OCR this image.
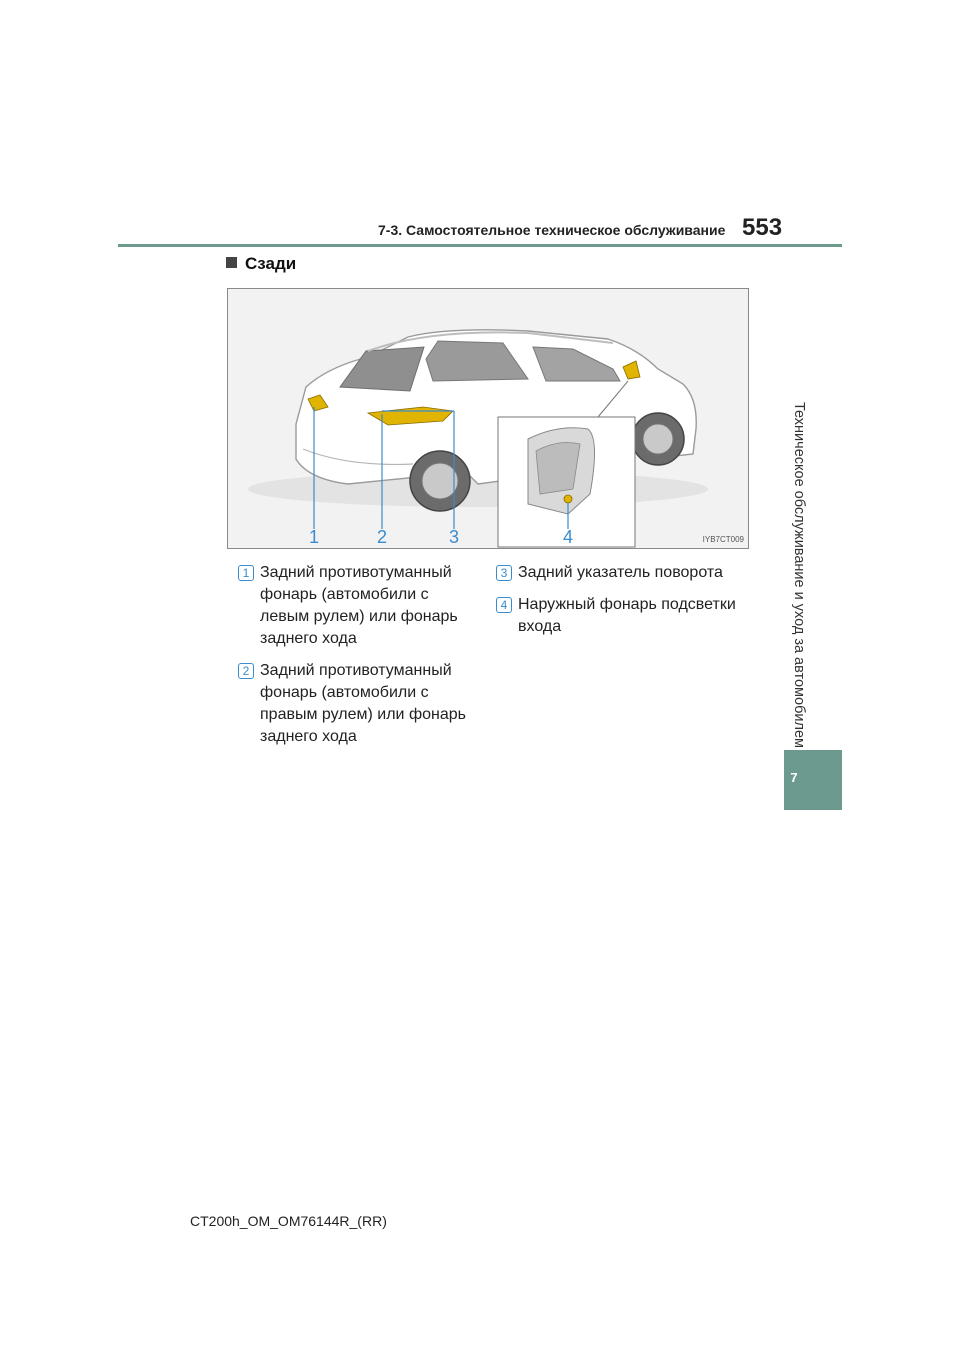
7-3. Самостоятельное техническое обслуживание 553
Сзади
1	2	3	4	IYB7CT009
1 Задний противотуманный фонарь (автомобили с левым рулем) или фонарь заднего хода
2 Задний противотуманный фонарь (автомобили с правым рулем) или фонарь заднего хода
3 Задний указатель поворота
4 Наружный фонарь подсветки входа	Техническое обслуживание и уход за автомобилем
7
CT200h_OM_OM76144R_(RR)
